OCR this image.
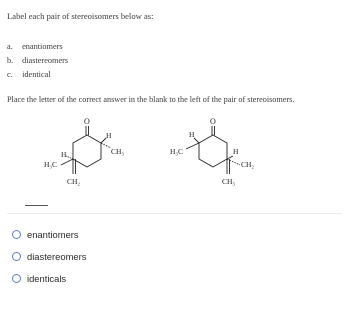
Label each pair of stereoisomers below as:
a. enantiomers
b. diastereomers
c. identical
Place the letter of the correct answer in the blank to the left of the pair of stereoisomers.
O
H
CH₃
H
H₃C
CH₂
O
H
H₃C	H
CH₂
CH₃
enantiomers
diastereomers
identicals
